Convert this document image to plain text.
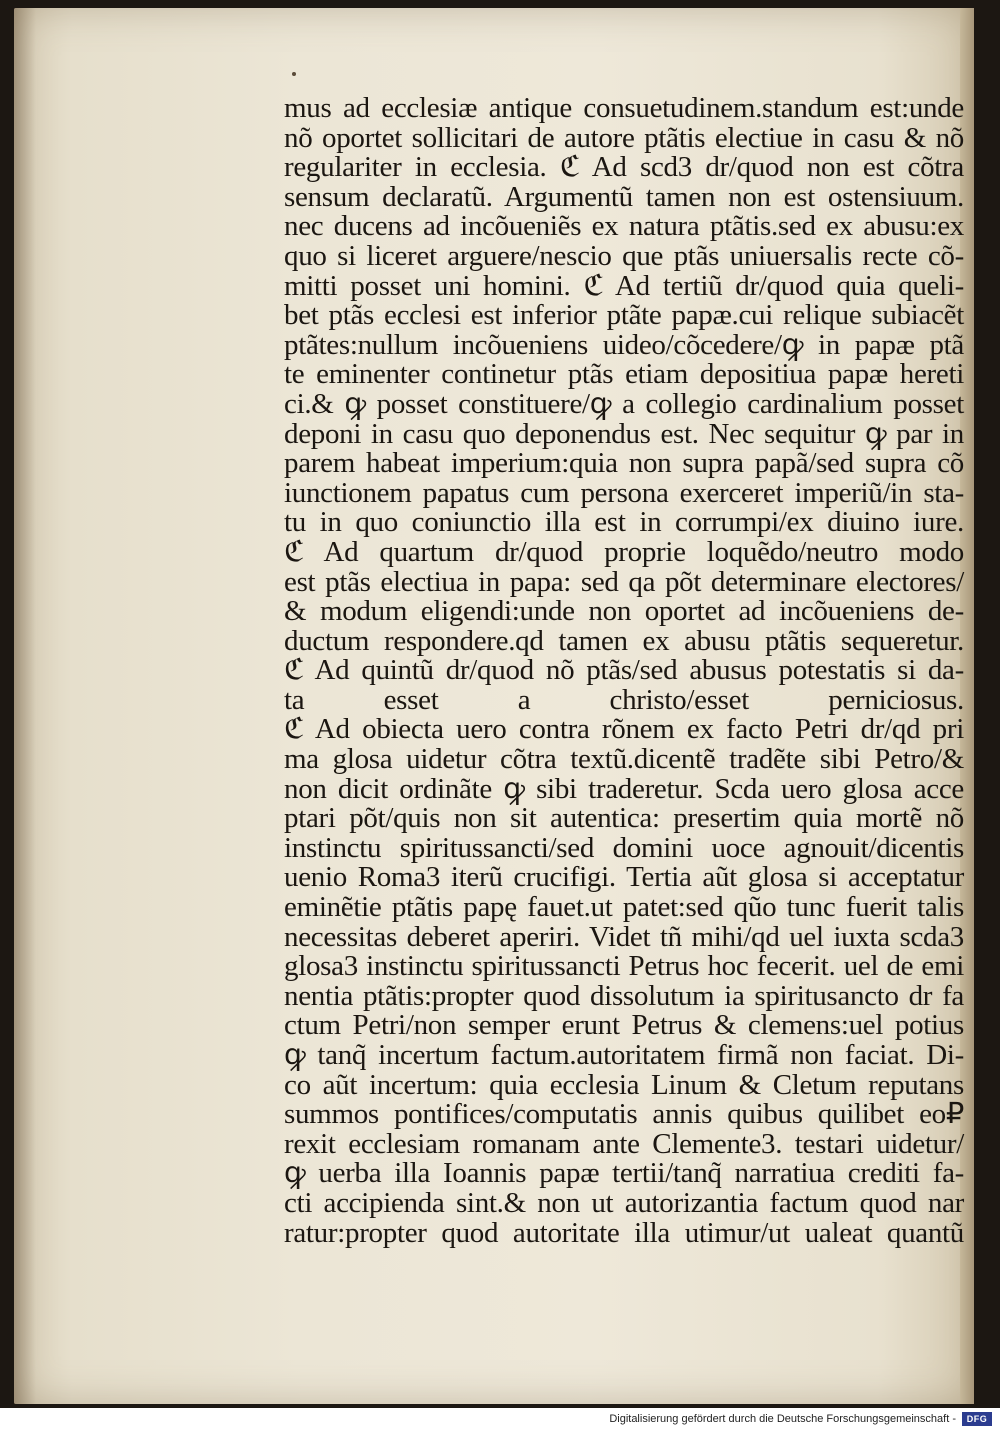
mus ad ecclesiæ antique consuetudinem.standum est:unde
nõ oportet sollicitari de autore ptãtis electiue in casu & nõ
regulariter in ecclesia. ℭ Ad scd3 dr/quod non est cõtra
sensum declaratũ. Argumentũ tamen non est ostensiuum.
nec ducens ad incõueniẽs ex natura ptãtis.sed ex abusu:ex
quo si liceret arguere/nescio que ptãs uniuersalis recte cõ-
mitti posset uni homini. ℭ Ad tertiũ dr/quod quia queli-
bet ptãs ecclesi est inferior ptãte papæ.cui relique subiacẽt
ptãtes:nullum incõueniens uideo/cõcedere/ꝙ in papæ ptã
te eminenter continetur ptãs etiam depositiua papæ hereti
ci.& ꝙ posset constituere/ꝙ a collegio cardinalium posset
deponi in casu quo deponendus est. Nec sequitur ꝙ par in
parem habeat imperium:quia non supra papã/sed supra cõ
iunctionem papatus cum persona exerceret imperiũ/in sta-
tu in quo coniunctio illa est in corrumpi/ex diuino iure.
ℭ Ad quartum dr/quod proprie loquẽdo/neutro modo
est ptãs electiua in papa: sed qa põt determinare electores/
& modum eligendi:unde non oportet ad incõueniens de-
ductum respondere.qd tamen ex abusu ptãtis sequeretur.
ℭ Ad quintũ dr/quod nõ ptãs/sed abusus potestatis si da-
ta esset a christo/esset perniciosus.
ℭ Ad obiecta uero contra rõnem ex facto Petri dr/qd pri
ma glosa uidetur cõtra textũ.dicentẽ tradẽte sibi Petro/&
non dicit ordinãte ꝙ sibi traderetur. Scda uero glosa acce
ptari põt/quis non sit autentica: presertim quia mortẽ nõ
instinctu spiritussancti/sed domini uoce agnouit/dicentis
uenio Roma3 iterũ crucifigi. Tertia aũt glosa si acceptatur
eminẽtie ptãtis papę fauet.ut patet:sed qũo tunc fuerit talis
necessitas deberet aperiri. Videt tñ mihi/qd uel iuxta scda3
glosa3 instinctu spiritussancti Petrus hoc fecerit. uel de emi
nentia ptãtis:propter quod dissolutum ia spiritusancto dr fa
ctum Petri/non semper erunt Petrus & clemens:uel potius
ꝙ tanq̃ incertum factum.autoritatem firmã non faciat. Di-
co aũt incertum: quia ecclesia Linum & Cletum reputans
summos pontifices/computatis annis quibus quilibet eo₽
rexit ecclesiam romanam ante Clemente3. testari uidetur/
ꝙ uerba illa Ioannis papæ tertii/tanq̃ narratiua crediti fa-
cti accipienda sint.& non ut autorizantia factum quod nar
ratur:propter quod autoritate illa utimur/ut ualeat quantũ
Digitalisierung gefördert durch die Deutsche Forschungsgemeinschaft -	DFG
